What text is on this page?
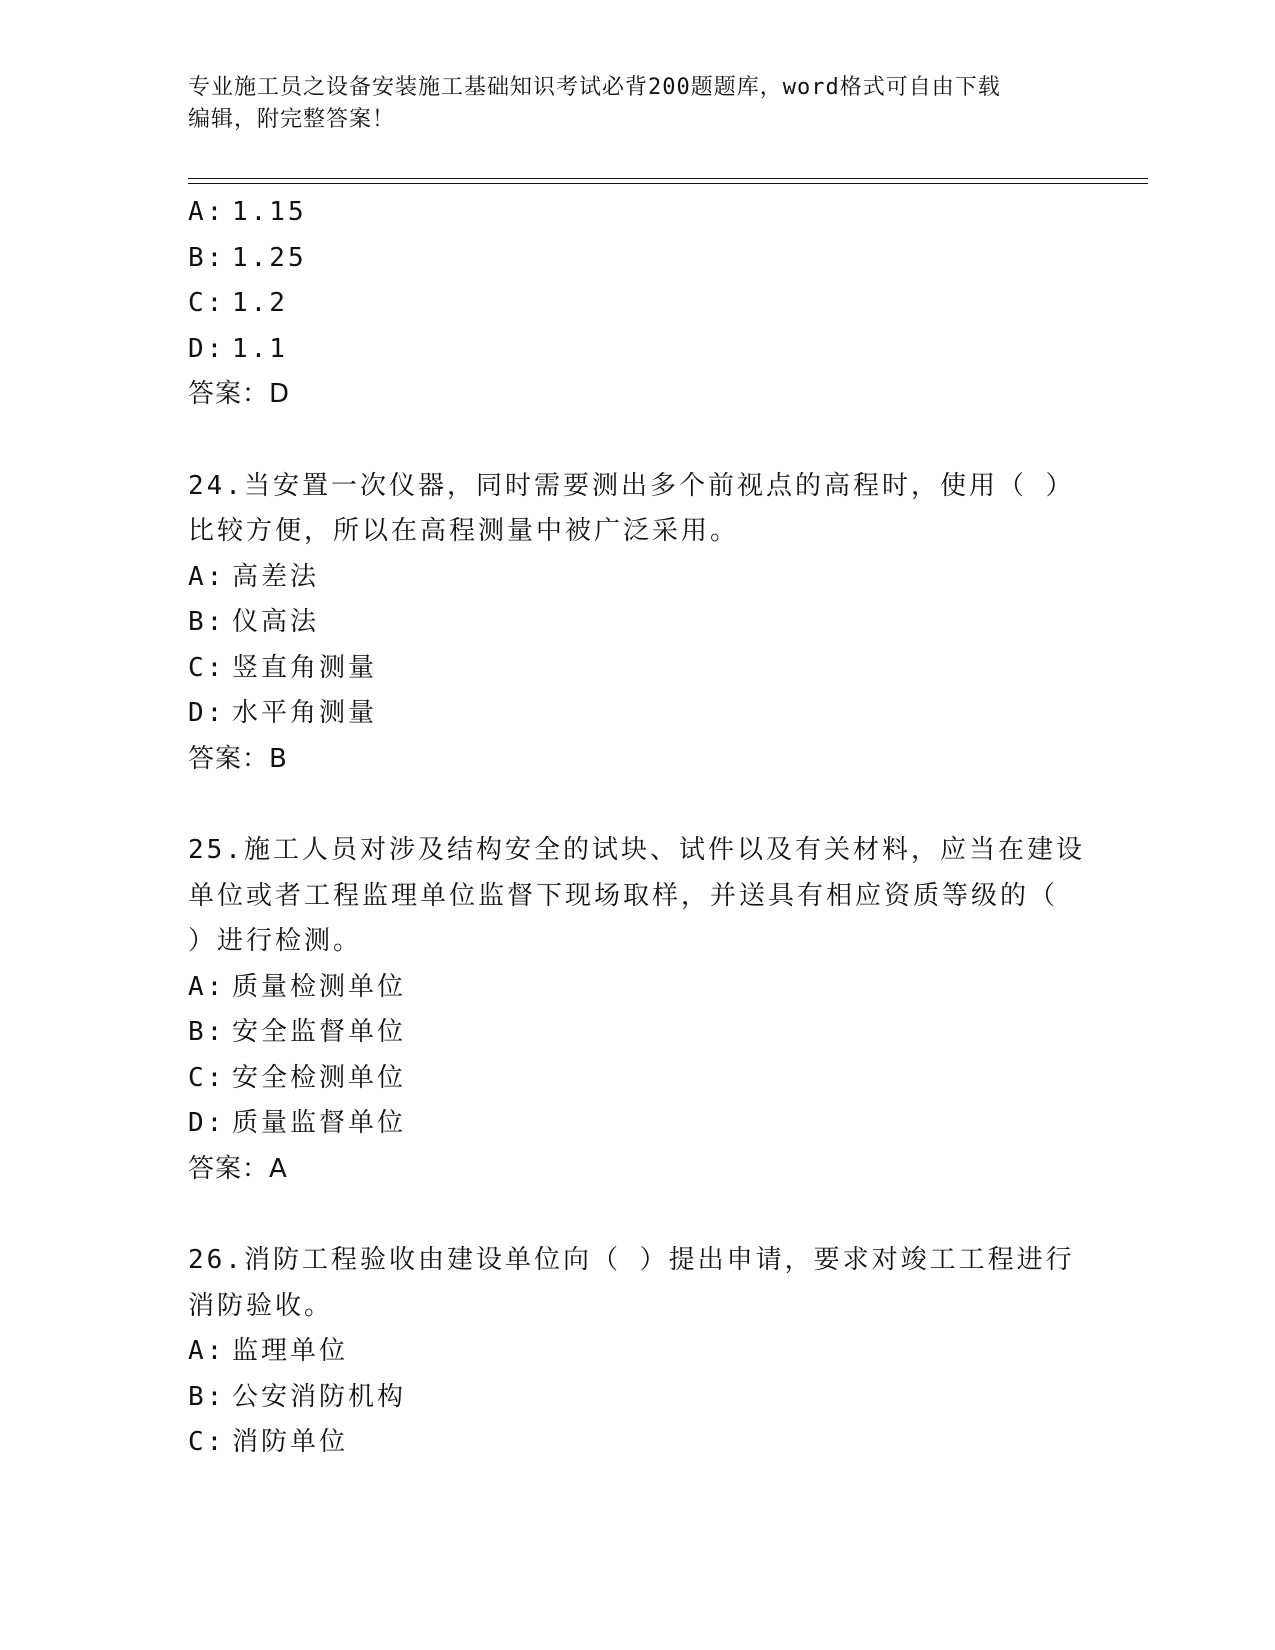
专业施工员之设备安装施工基础知识考试必背200题题库，word格式可自由下载
编辑，附完整答案！
A: 1.15
B: 1.25
C: 1.2
D: 1.1
答案：D
24.当安置一次仪器，同时需要测出多个前视点的高程时，使用（ ）
比较方便，所以在高程测量中被广泛采用。
A: 高差法
B: 仪高法
C: 竖直角测量
D: 水平角测量
答案：B
25.施工人员对涉及结构安全的试块、试件以及有关材料，应当在建设
单位或者工程监理单位监督下现场取样，并送具有相应资质等级的（
）进行检测。
A: 质量检测单位
B: 安全监督单位
C: 安全检测单位
D: 质量监督单位
答案：A
26.消防工程验收由建设单位向（ ）提出申请，要求对竣工工程进行
消防验收。
A: 监理单位
B: 公安消防机构
C: 消防单位
